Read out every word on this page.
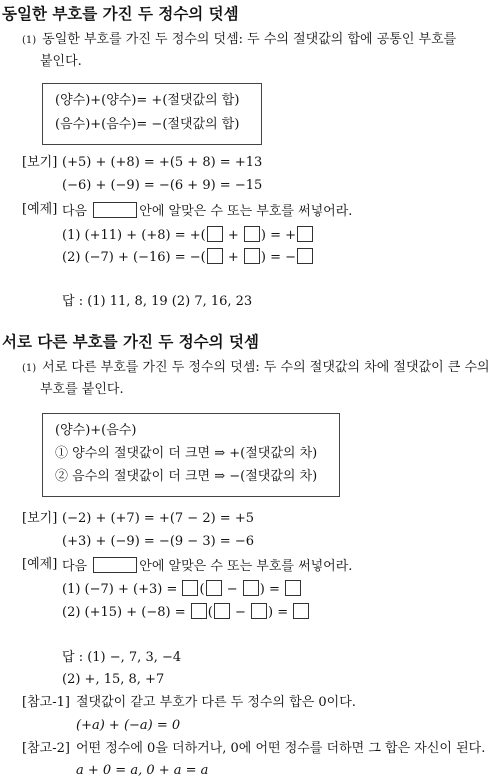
동일한 부호를 가진 두 정수의 덧셈
(1) 동일한 부호를 가진 두 정수의 덧셈: 두 수의 절댓값의 합에 공통인 부호를
붙인다.
(양수)+(양수)= +(절댓값의 합)
(음수)+(음수)= −(절댓값의 합)
[보기] (+5) + (+8) = +(5 + 8) = +13
(−6) + (−9) = −(6 + 9) = −15
[예제] 다음	안에 알맞은 수 또는 부호를 써넣어라.
(1) (+11) + (+8) = +( + ) = +
(2) (−7) + (−16) = −( + ) = −
답 : (1) 11, 8, 19 (2) 7, 16, 23
서로 다른 부호를 가진 두 정수의 덧셈
(1) 서로 다른 부호를 가진 두 정수의 덧셈: 두 수의 절댓값의 차에 절댓값이 큰 수의
부호를 붙인다.
(양수)+(음수)
① 양수의 절댓값이 더 크면 ⇒ +(절댓값의 차)
② 음수의 절댓값이 더 크면 ⇒ −(절댓값의 차)
[보기] (−2) + (+7) = +(7 − 2) = +5
(+3) + (−9) = −(9 − 3) = −6
[예제] 다음	안에 알맞은 수 또는 부호를 써넣어라.
(1) (−7) + (+3) = ( − ) =
(2) (+15) + (−8) = ( − ) =
답 : (1) −, 7, 3, −4
(2) +, 15, 8, +7
[참고-1] 절댓값이 같고 부호가 다른 두 정수의 합은 0이다.
(+a) + (−a) = 0
[참고-2] 어떤 정수에 0을 더하거나, 0에 어떤 정수를 더하면 그 합은 자신이 된다.
a + 0 = a, 0 + a = a
